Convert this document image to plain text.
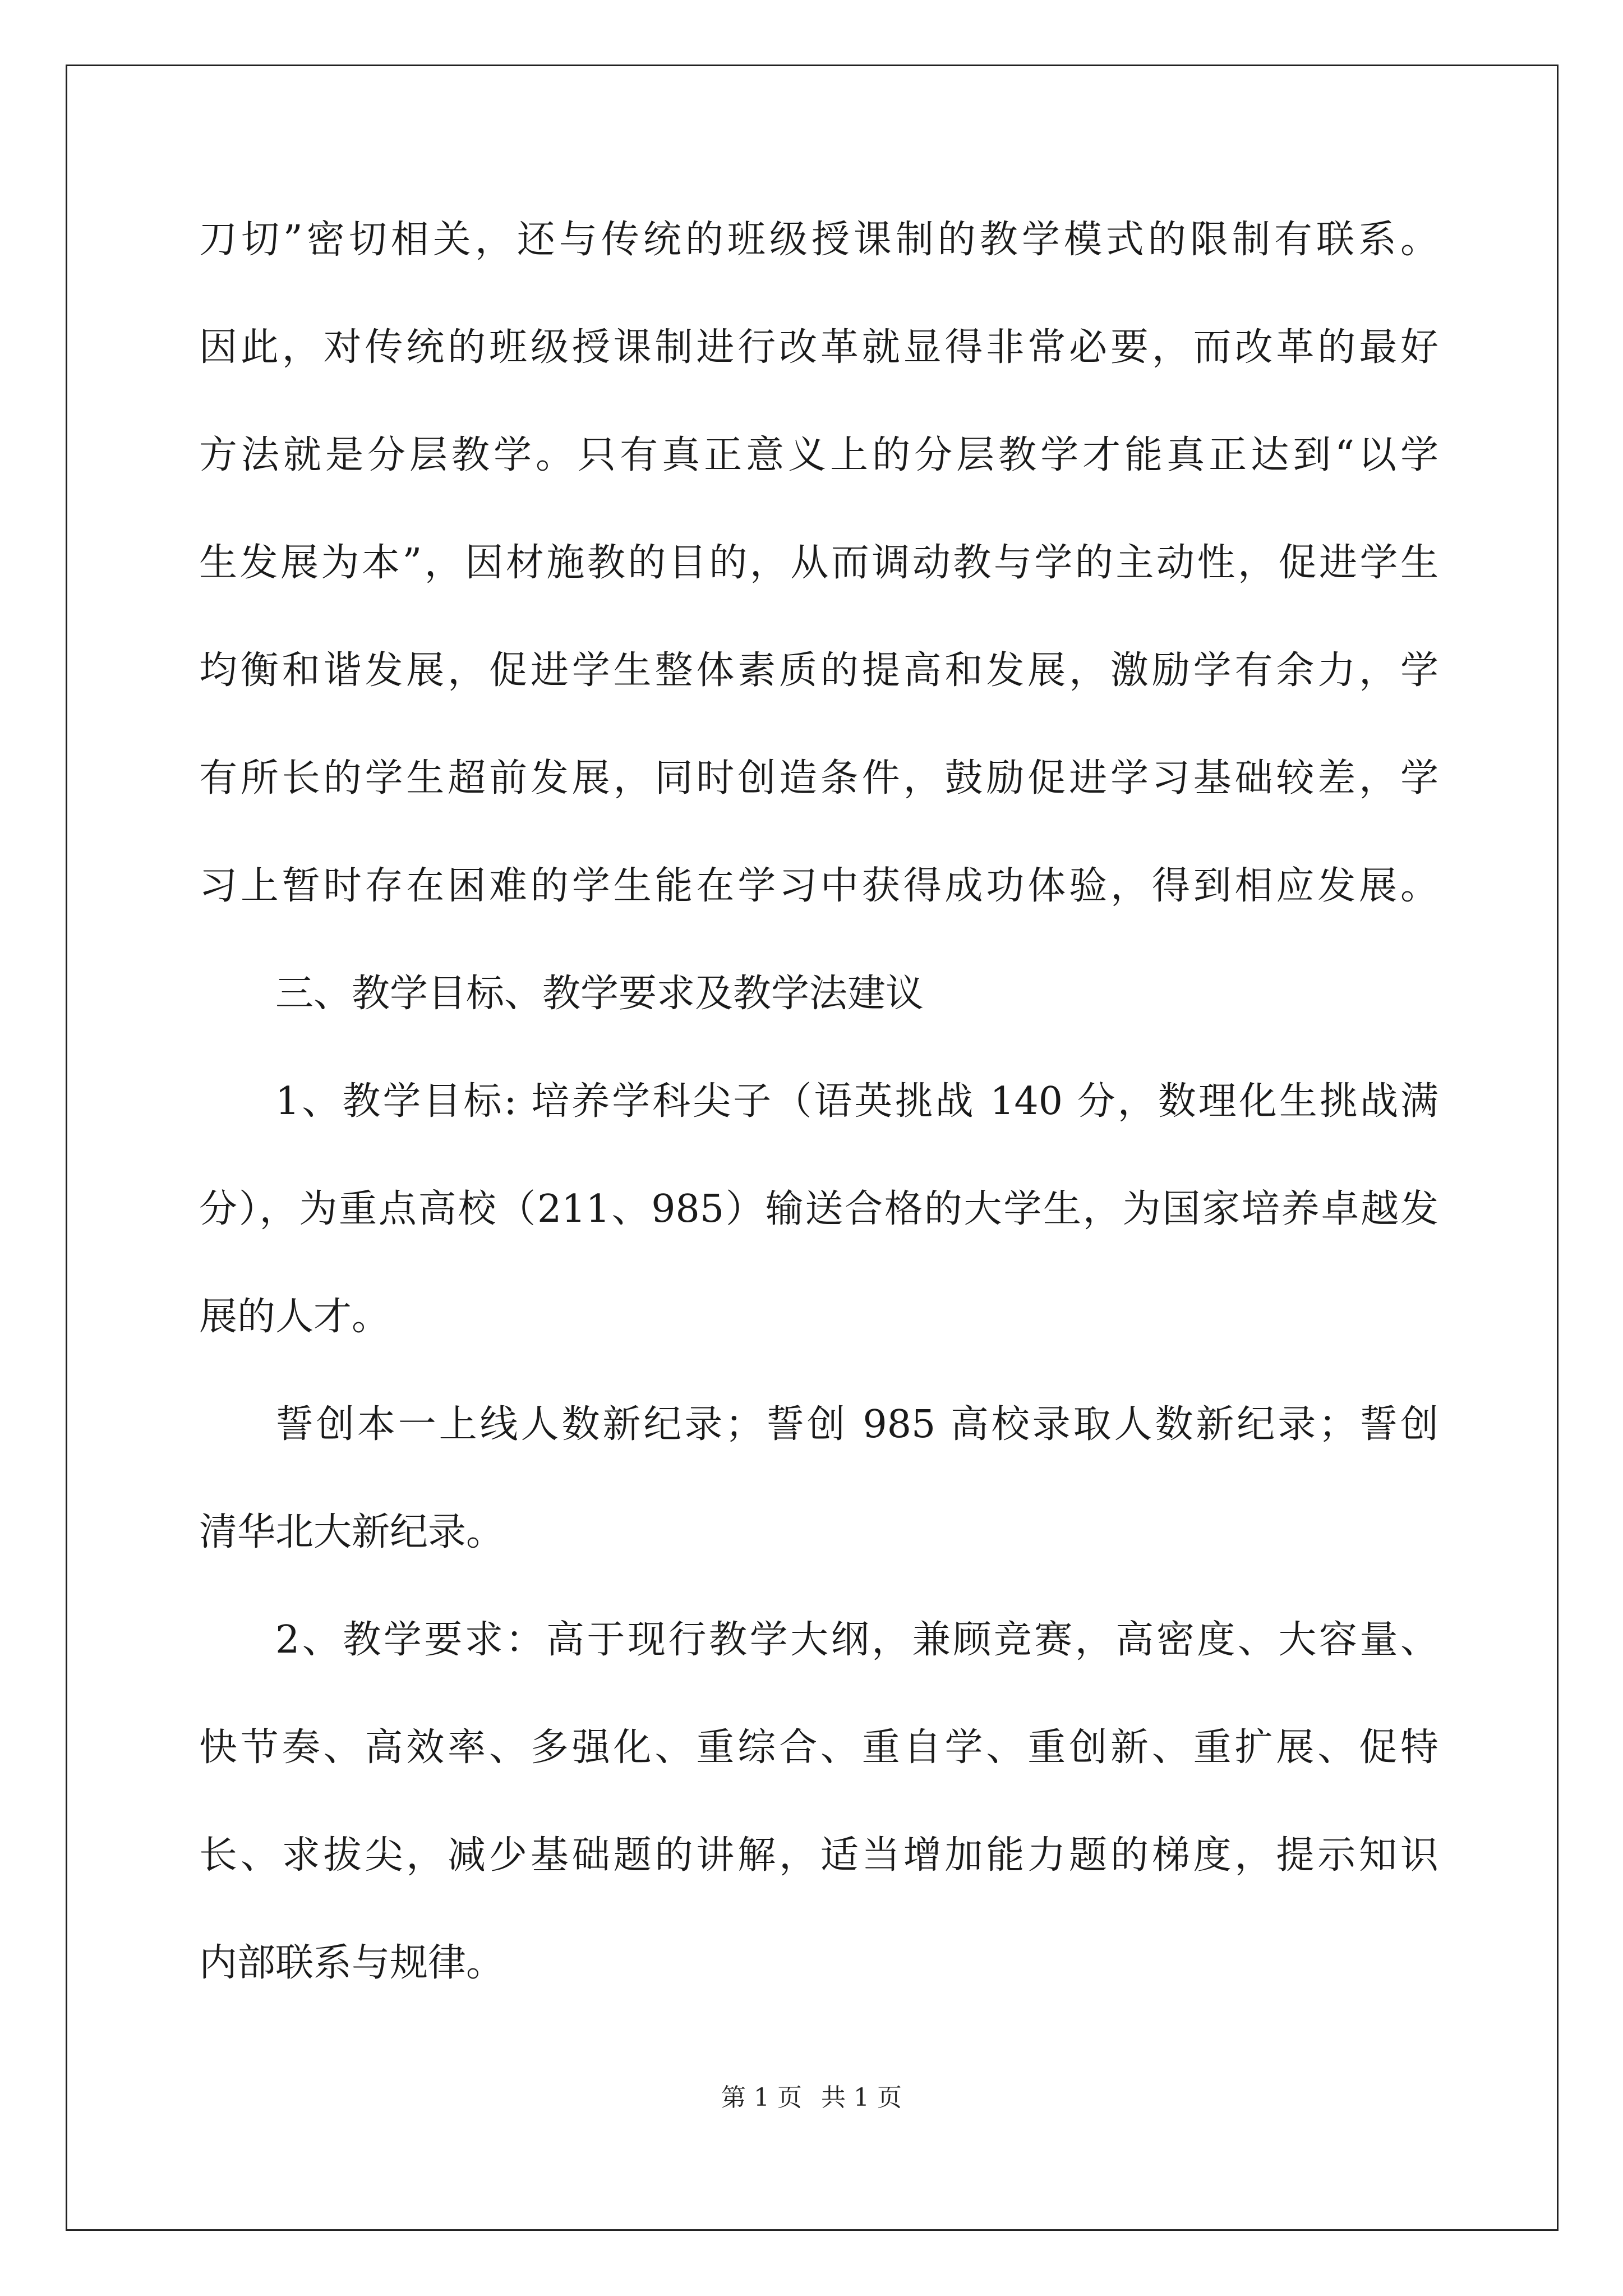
刀切”密切相关，还与传统的班级授课制的教学模式的限制有联系。

因此，对传统的班级授课制进行改革就显得非常必要，而改革的最好

方法就是分层教学。只有真正意义上的分层教学才能真正达到“以学

生发展为本”，因材施教的目的，从而调动教与学的主动性，促进学生

均衡和谐发展，促进学生整体素质的提高和发展，激励学有余力，学

有所长的学生超前发展，同时创造条件，鼓励促进学习基础较差，学

习上暂时存在困难的学生能在学习中获得成功体验，得到相应发展。

三、教学目标、教学要求及教学法建议

1、教学目标: 培养学科尖子（语英挑战 140 分，数理化生挑战满

分），为重点高校（211、985）输送合格的大学生，为国家培养卓越发

展的人才。

誓创本一上线人数新纪录；誓创 985 高校录取人数新纪录；誓创

清华北大新纪录。

2、教学要求：高于现行教学大纲，兼顾竞赛，高密度、大容量、

快节奏、高效率、多强化、重综合、重自学、重创新、重扩展、促特

长、求拔尖，减少基础题的讲解，适当增加能力题的梯度，提示知识

内部联系与规律。

第 1 页 共 1 页
